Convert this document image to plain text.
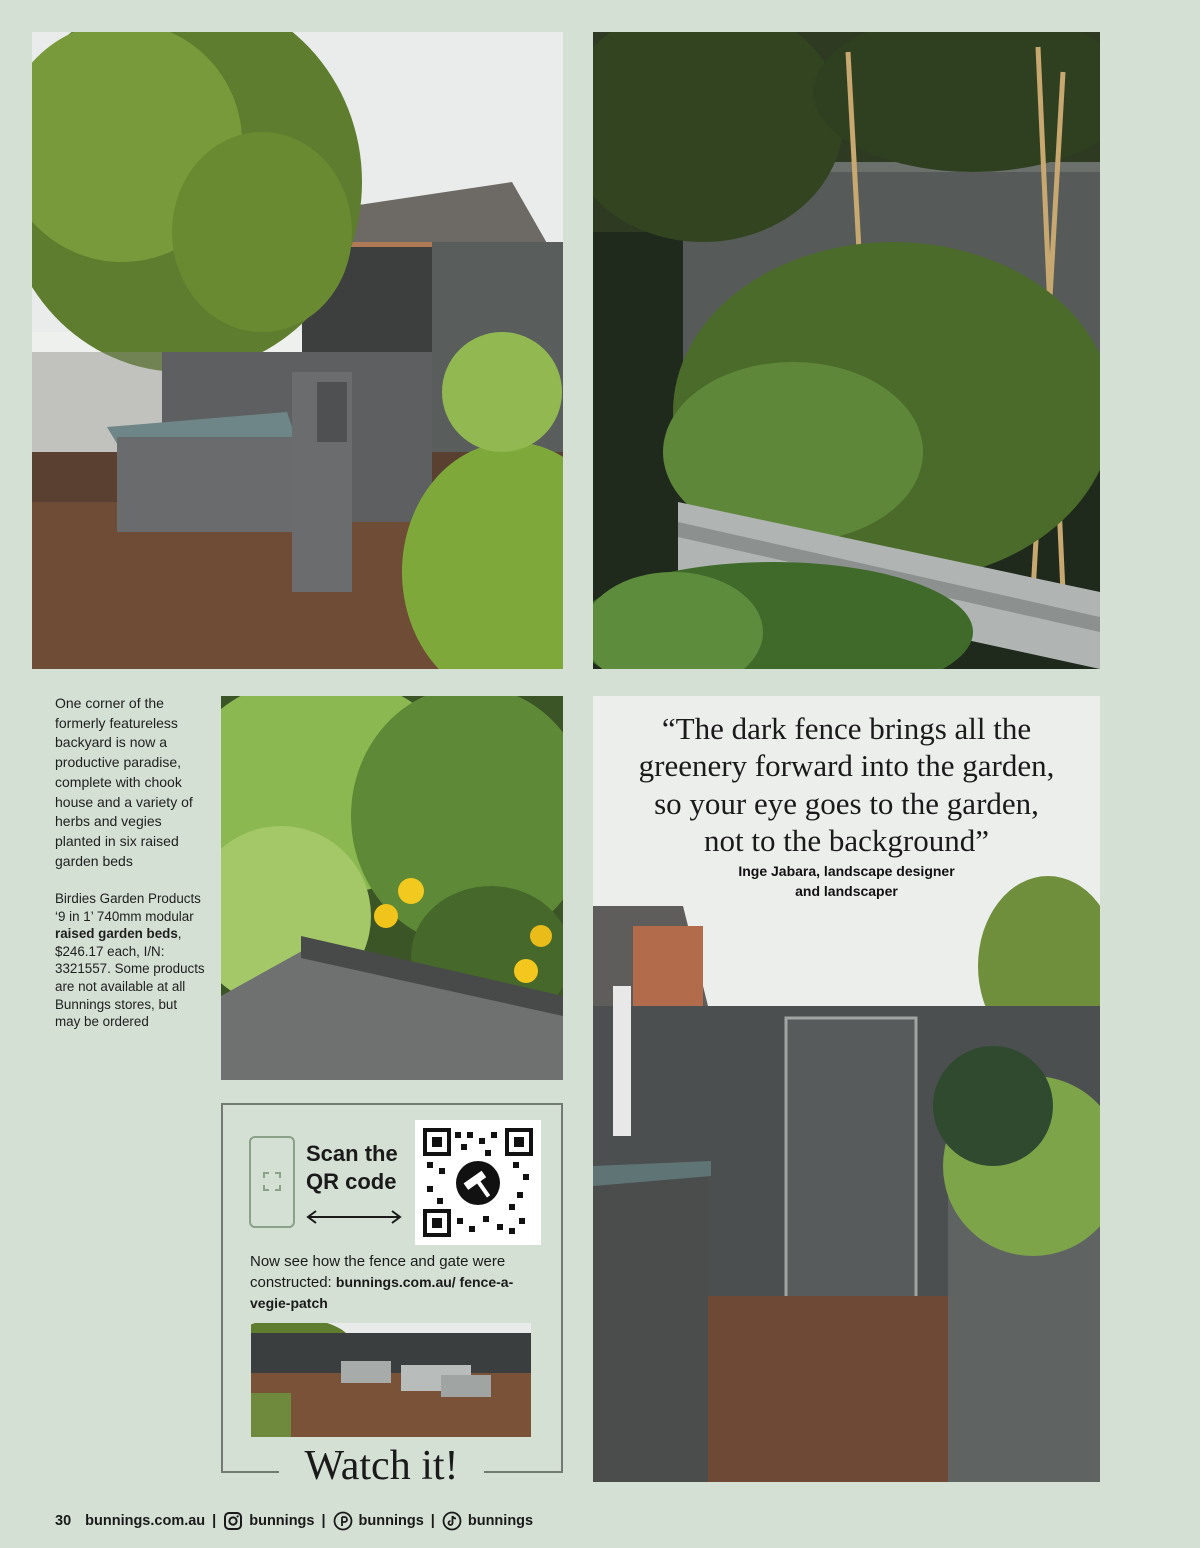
One corner of the formerly featureless backyard is now a productive paradise, complete with chook house and a variety of herbs and vegies planted in six raised garden beds
Birdies Garden Products ‘9 in 1’ 740mm modular raised garden beds, $246.17 each, I/N: 3321557. Some products are not available at all Bunnings stores, but may be ordered
“The dark fence brings all the greenery forward into the garden, so your eye goes to the garden, not to the background”
Inge Jabara, landscape designer
and landscaper
Scan the
QR code
Now see how the fence and gate were constructed: bunnings.com.au/ fence-a-vegie-patch
Watch it!
30 bunnings.com.au | bunnings | bunnings | bunnings
